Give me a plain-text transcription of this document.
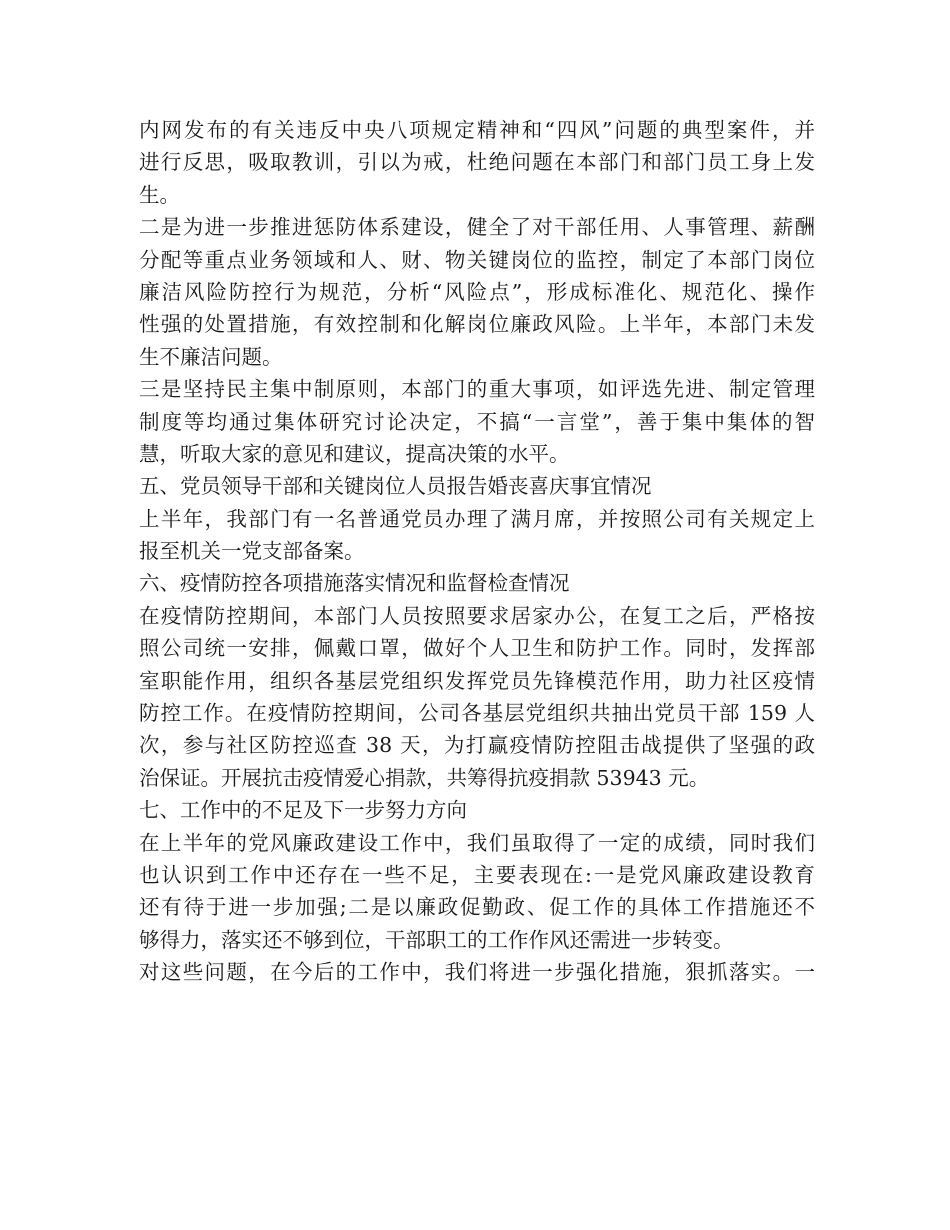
内网发布的有关违反中央八项规定精神和“四风”问题的典型案件，并
进行反思，吸取教训，引以为戒，杜绝问题在本部门和部门员工身上发
生。
二是为进一步推进惩防体系建设，健全了对干部任用、人事管理、薪酬
分配等重点业务领域和人、财、物关键岗位的监控，制定了本部门岗位
廉洁风险防控行为规范，分析“风险点”，形成标准化、规范化、操作
性强的处置措施，有效控制和化解岗位廉政风险。上半年，本部门未发
生不廉洁问题。
三是坚持民主集中制原则，本部门的重大事项，如评选先进、制定管理
制度等均通过集体研究讨论决定，不搞“一言堂”，善于集中集体的智
慧，听取大家的意见和建议，提高决策的水平。
五、党员领导干部和关键岗位人员报告婚丧喜庆事宜情况
上半年，我部门有一名普通党员办理了满月席，并按照公司有关规定上
报至机关一党支部备案。
六、疫情防控各项措施落实情况和监督检查情况
在疫情防控期间，本部门人员按照要求居家办公，在复工之后，严格按
照公司统一安排，佩戴口罩，做好个人卫生和防护工作。同时，发挥部
室职能作用，组织各基层党组织发挥党员先锋模范作用，助力社区疫情
防控工作。在疫情防控期间，公司各基层党组织共抽出党员干部 159 人
次，参与社区防控巡查 38 天，为打赢疫情防控阻击战提供了坚强的政
治保证。开展抗击疫情爱心捐款，共筹得抗疫捐款 53943 元。
七、工作中的不足及下一步努力方向
在上半年的党风廉政建设工作中，我们虽取得了一定的成绩，同时我们
也认识到工作中还存在一些不足，主要表现在:一是党风廉政建设教育
还有待于进一步加强;二是以廉政促勤政、促工作的具体工作措施还不
够得力，落实还不够到位，干部职工的工作作风还需进一步转变。
对这些问题，在今后的工作中，我们将进一步强化措施，狠抓落实。一
